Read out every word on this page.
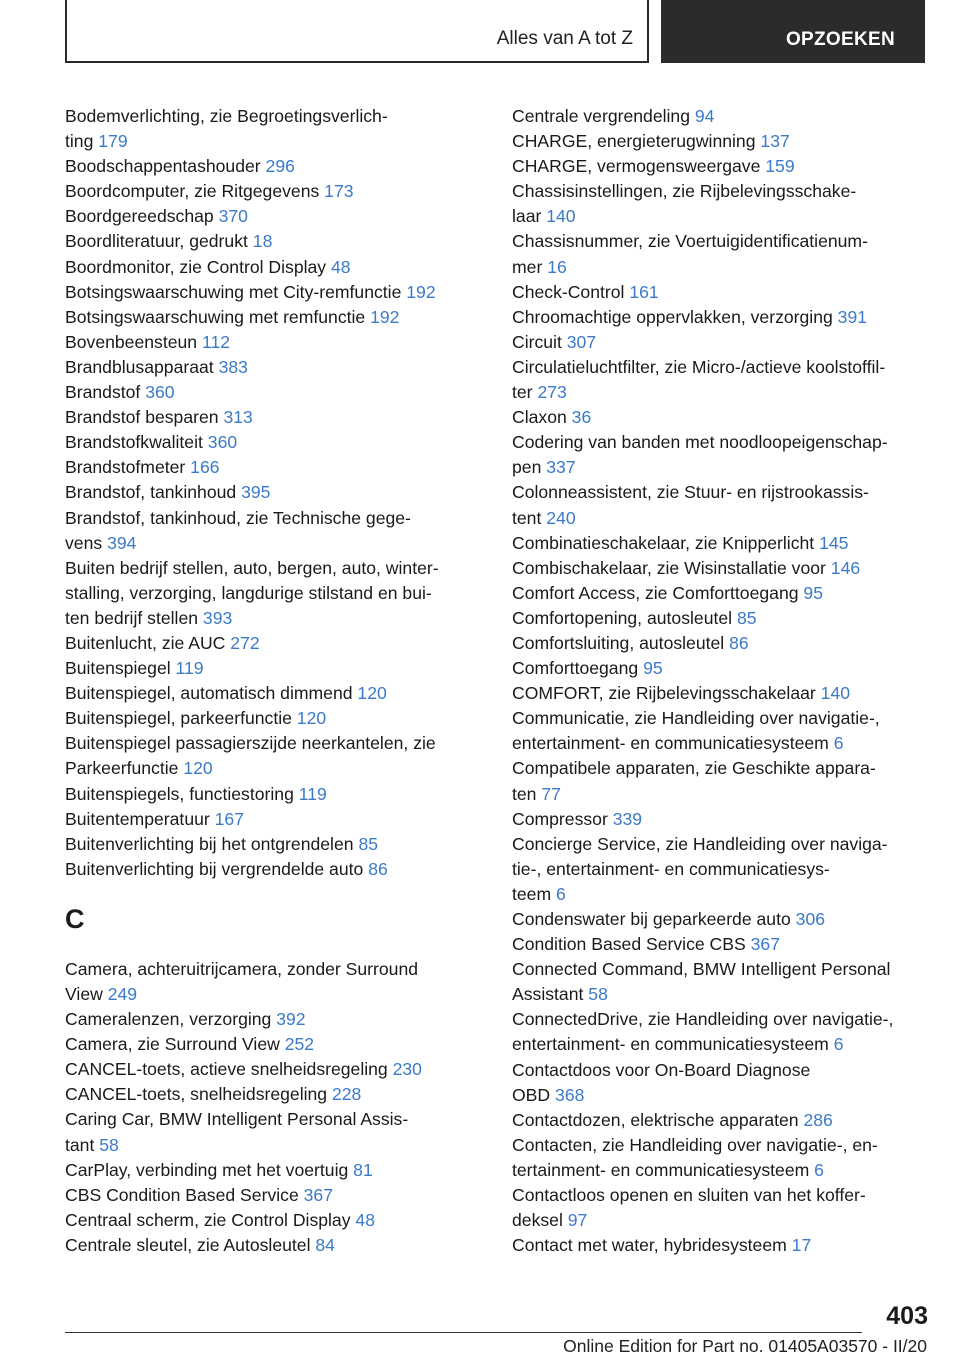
Alles van A tot Z	OPZOEKEN
Bodemverlichting, zie Begroetingsverlich-
ting 179
Boodschappentashouder 296
Boordcomputer, zie Ritgegevens 173
Boordgereedschap 370
Boordliteratuur, gedrukt 18
Boordmonitor, zie Control Display 48
Botsingswaarschuwing met City-remfunctie 192
Botsingswaarschuwing met remfunctie 192
Bovenbeensteun 112
Brandblusapparaat 383
Brandstof 360
Brandstof besparen 313
Brandstofkwaliteit 360
Brandstofmeter 166
Brandstof, tankinhoud 395
Brandstof, tankinhoud, zie Technische gege-
vens 394
Buiten bedrijf stellen, auto, bergen, auto, winter-
stalling, verzorging, langdurige stilstand en bui-
ten bedrijf stellen 393
Buitenlucht, zie AUC 272
Buitenspiegel 119
Buitenspiegel, automatisch dimmend 120
Buitenspiegel, parkeerfunctie 120
Buitenspiegel passagierszijde neerkantelen, zie
Parkeerfunctie 120
Buitenspiegels, functiestoring 119
Buitentemperatuur 167
Buitenverlichting bij het ontgrendelen 85
Buitenverlichting bij vergrendelde auto 86
C
Camera, achteruitrijcamera, zonder Surround
View 249
Cameralenzen, verzorging 392
Camera, zie Surround View 252
CANCEL-toets, actieve snelheidsregeling 230
CANCEL-toets, snelheidsregeling 228
Caring Car, BMW Intelligent Personal Assis-
tant 58
CarPlay, verbinding met het voertuig 81
CBS Condition Based Service 367
Centraal scherm, zie Control Display 48
Centrale sleutel, zie Autosleutel 84
Centrale vergrendeling 94
CHARGE, energieterugwinning 137
CHARGE, vermogensweergave 159
Chassisinstellingen, zie Rijbelevingsschake-
laar 140
Chassisnummer, zie Voertuigidentificatienum-
mer 16
Check-Control 161
Chroomachtige oppervlakken, verzorging 391
Circuit 307
Circulatieluchtfilter, zie Micro-/actieve koolstoffil-
ter 273
Claxon 36
Codering van banden met noodloopeigenschap-
pen 337
Colonneassistent, zie Stuur- en rijstrookassis-
tent 240
Combinatieschakelaar, zie Knipperlicht 145
Combischakelaar, zie Wisinstallatie voor 146
Comfort Access, zie Comforttoegang 95
Comfortopening, autosleutel 85
Comfortsluiting, autosleutel 86
Comforttoegang 95
COMFORT, zie Rijbelevingsschakelaar 140
Communicatie, zie Handleiding over navigatie-,
entertainment- en communicatiesysteem 6
Compatibele apparaten, zie Geschikte appara-
ten 77
Compressor 339
Concierge Service, zie Handleiding over naviga-
tie-, entertainment- en communicatiesys-
teem 6
Condenswater bij geparkeerde auto 306
Condition Based Service CBS 367
Connected Command, BMW Intelligent Personal
Assistant 58
ConnectedDrive, zie Handleiding over navigatie-,
entertainment- en communicatiesysteem 6
Contactdoos voor On-Board Diagnose
OBD 368
Contactdozen, elektrische apparaten 286
Contacten, zie Handleiding over navigatie-, en-
tertainment- en communicatiesysteem 6
Contactloos openen en sluiten van het koffer-
deksel 97
Contact met water, hybridesysteem 17
403
Online Edition for Part no. 01405A03570 - II/20
